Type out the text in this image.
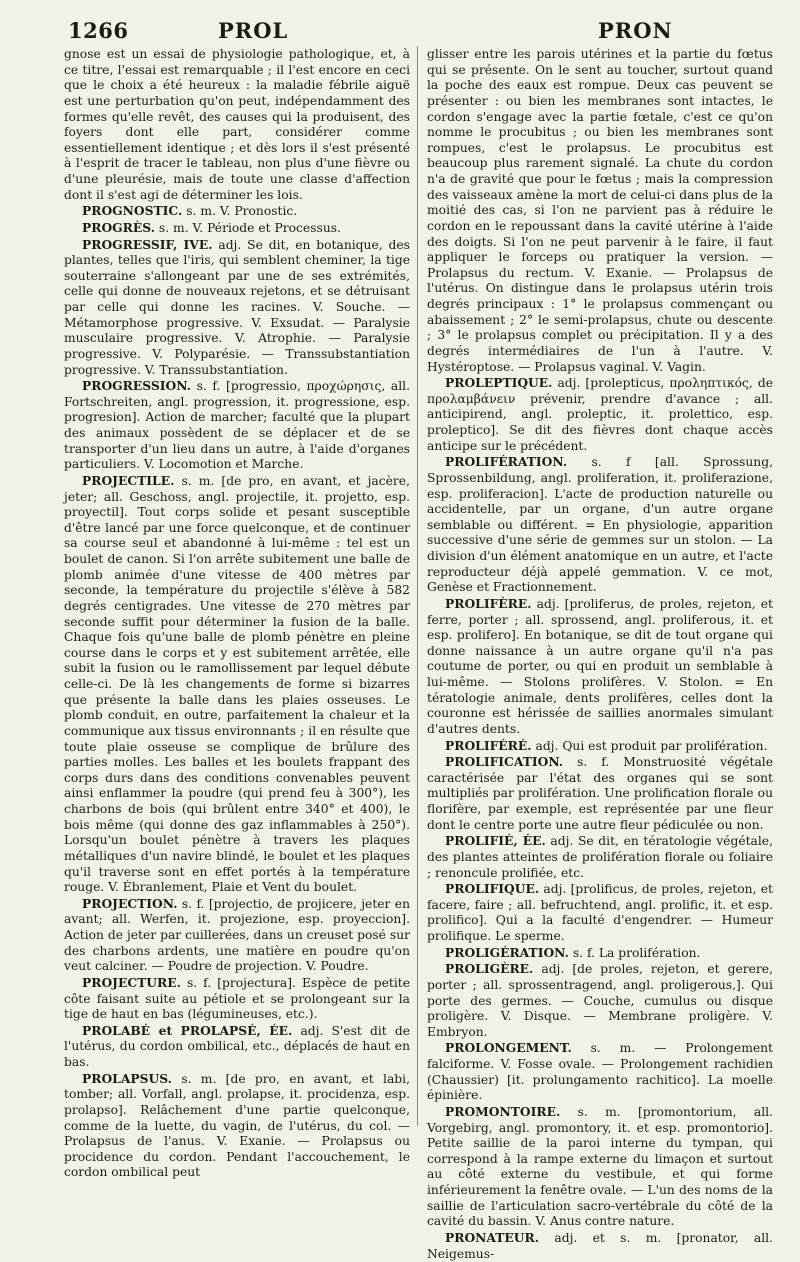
1266	PROL	PRON

gnose est un essai de physiologie pathologique, et, à ce titre, l'essai est remarquable ; il l'est encore en ceci que le choix a été heureux : la maladie fébrile aiguë est une perturbation qu'on peut, indépendamment des formes qu'elle revêt, des causes qui la produisent, des foyers dont elle part, considérer comme essentiellement identique ; et dès lors il s'est présenté à l'esprit de tracer le tableau, non plus d'une fièvre ou d'une pleurésie, mais de toute une classe d'affection dont il s'est agi de déterminer les lois.

PROGNOSTIC. s. m. V. Pronostic.

PROGRÈS. s. m. V. Période et Processus.

PROGRESSIF, IVE. adj. Se dit, en botanique, des plantes, telles que l'iris, qui semblent cheminer, la tige souterraine s'allongeant par une de ses extrémités, celle qui donne de nouveaux rejetons, et se détruisant par celle qui donne les racines. V. Souche. — Métamorphose progressive. V. Exsudat. — Paralysie musculaire progressive. V. Atrophie. — Paralysie progressive. V. Polyparésie. — Transsubstantiation progressive. V. Transsubstantiation.

PROGRESSION. s. f. [progressio, προχώρησις, all. Fortschreiten, angl. progression, it. progressione, esp. progresion]. Action de marcher; faculté que la plupart des animaux possèdent de se déplacer et de se transporter d'un lieu dans un autre, à l'aide d'organes particuliers. V. Locomotion et Marche.

PROJECTILE. s. m. [de pro, en avant, et jacère, jeter; all. Geschoss, angl. projectile, it. projetto, esp. proyectil]. Tout corps solide et pesant susceptible d'être lancé par une force quelconque, et de continuer sa course seul et abandonné à lui-même : tel est un boulet de canon. Si l'on arrête subitement une balle de plomb animée d'une vitesse de 400 mètres par seconde, la température du projectile s'élève à 582 degrés centigrades. Une vitesse de 270 mètres par seconde suffit pour déterminer la fusion de la balle. Chaque fois qu'une balle de plomb pénètre en pleine course dans le corps et y est subitement arrêtée, elle subit la fusion ou le ramollissement par lequel débute celle-ci. De là les changements de forme si bizarres que présente la balle dans les plaies osseuses. Le plomb conduit, en outre, parfaitement la chaleur et la communique aux tissus environnants ; il en résulte que toute plaie osseuse se complique de brûlure des parties molles. Les balles et les boulets frappant des corps durs dans des conditions convenables peuvent ainsi enflammer la poudre (qui prend feu à 300°), les charbons de bois (qui brûlent entre 340° et 400), le bois même (qui donne des gaz inflammables à 250°). Lorsqu'un boulet pénètre à travers les plaques métalliques d'un navire blindé, le boulet et les plaques qu'il traverse sont en effet portés à la température rouge. V. Ébranlement, Plaie et Vent du boulet.

PROJECTION. s. f. [projectio, de projicere, jeter en avant; all. Werfen, it. projezione, esp. proyeccion]. Action de jeter par cuillerées, dans un creuset posé sur des charbons ardents, une matière en poudre qu'on veut calciner. — Poudre de projection. V. Poudre.

PROJECTURE. s. f. [projectura]. Espèce de petite côte faisant suite au pétiole et se prolongeant sur la tige de haut en bas (légumineuses, etc.).

PROLABÉ et PROLAPSÉ, ÉE. adj. S'est dit de l'utérus, du cordon ombilical, etc., déplacés de haut en bas.

PROLAPSUS. s. m. [de pro, en avant, et labi, tomber; all. Vorfall, angl. prolapse, it. procidenza, esp. prolapso]. Relâchement d'une partie quelconque, comme de la luette, du vagin, de l'utérus, du col. — Prolapsus de l'anus. V. Exanie. — Prolapsus ou procidence du cordon. Pendant l'accouchement, le cordon ombilical peut

glisser entre les parois utérines et la partie du fœtus qui se présente. On le sent au toucher, surtout quand la poche des eaux est rompue. Deux cas peuvent se présenter : ou bien les membranes sont intactes, le cordon s'engage avec la partie fœtale, c'est ce qu'on nomme le procubitus ; ou bien les membranes sont rompues, c'est le prolapsus. Le procubitus est beaucoup plus rarement signalé. La chute du cordon n'a de gravité que pour le fœtus ; mais la compression des vaisseaux amène la mort de celui-ci dans plus de la moitié des cas, si l'on ne parvient pas à réduire le cordon en le repoussant dans la cavité utérine à l'aide des doigts. Si l'on ne peut parvenir à le faire, il faut appliquer le forceps ou pratiquer la version. — Prolapsus du rectum. V. Exanie. — Prolapsus de l'utérus. On distingue dans le prolapsus utérin trois degrés principaux : 1° le prolapsus commençant ou abaissement ; 2° le semi-prolapsus, chute ou descente ; 3° le prolapsus complet ou précipitation. Il y a des degrés intermédiaires de l'un à l'autre. V. Hystéroptose. — Prolapsus vaginal. V. Vagin.

PROLEPTIQUE. adj. [prolepticus, προληπτικός, de προλαμβάνειν prévenir, prendre d'avance ; all. anticipirend, angl. proleptic, it. prolettico, esp. proleptico]. Se dit des fièvres dont chaque accès anticipe sur le précédent.

PROLIFÉRATION. s. f [all. Sprossung, Sprossenbildung, angl. proliferation, it. proliferazione, esp. proliferacion]. L'acte de production naturelle ou accidentelle, par un organe, d'un autre organe semblable ou différent. = En physiologie, apparition successive d'une série de gemmes sur un stolon. — La division d'un élément anatomique en un autre, et l'acte reproducteur déjà appelé gemmation. V. ce mot, Genèse et Fractionnement.

PROLIFÈRE. adj. [proliferus, de proles, rejeton, et ferre, porter ; all. sprossend, angl. proliferous, it. et esp. prolifero]. En botanique, se dit de tout organe qui donne naissance à un autre organe qu'il n'a pas coutume de porter, ou qui en produit un semblable à lui-même. — Stolons prolifères. V. Stolon. = En tératologie animale, dents prolifères, celles dont la couronne est hérissée de saillies anormales simulant d'autres dents.

PROLIFÉRÉ. adj. Qui est produit par prolifération.

PROLIFICATION. s. f. Monstruosité végétale caractérisée par l'état des organes qui se sont multipliés par prolifération. Une prolification florale ou florifère, par exemple, est représentée par une fleur dont le centre porte une autre fleur pédiculée ou non.

PROLIFIÉ, ÉE. adj. Se dit, en tératologie végétale, des plantes atteintes de prolifération florale ou foliaire ; renoncule prolifiée, etc.

PROLIFIQUE. adj. [prolificus, de proles, rejeton, et facere, faire ; all. befruchtend, angl. prolific, it. et esp. prolifico]. Qui a la faculté d'engendrer. — Humeur prolifique. Le sperme.

PROLIGÉRATION. s. f. La prolifération.

PROLIGÈRE. adj. [de proles, rejeton, et gerere, porter ; all. sprossentragend, angl. proligerous,]. Qui porte des germes. — Couche, cumulus ou disque proligère. V. Disque. — Membrane proligère. V. Embryon.

PROLONGEMENT. s. m. — Prolongement falciforme. V. Fosse ovale. — Prolongement rachidien (Chaussier) [it. prolungamento rachitico]. La moelle épinière.

PROMONTOIRE. s. m. [promontorium, all. Vorgebirg, angl. promontory, it. et esp. promontorio]. Petite saillie de la paroi interne du tympan, qui correspond à la rampe externe du limaçon et surtout au côté externe du vestibule, et qui forme inférieurement la fenêtre ovale. — L'un des noms de la saillie de l'articulation sacro-vertébrale du côté de la cavité du bassin. V. Anus contre nature.

PRONATEUR. adj. et s. m. [pronator, all. Neigemus-
